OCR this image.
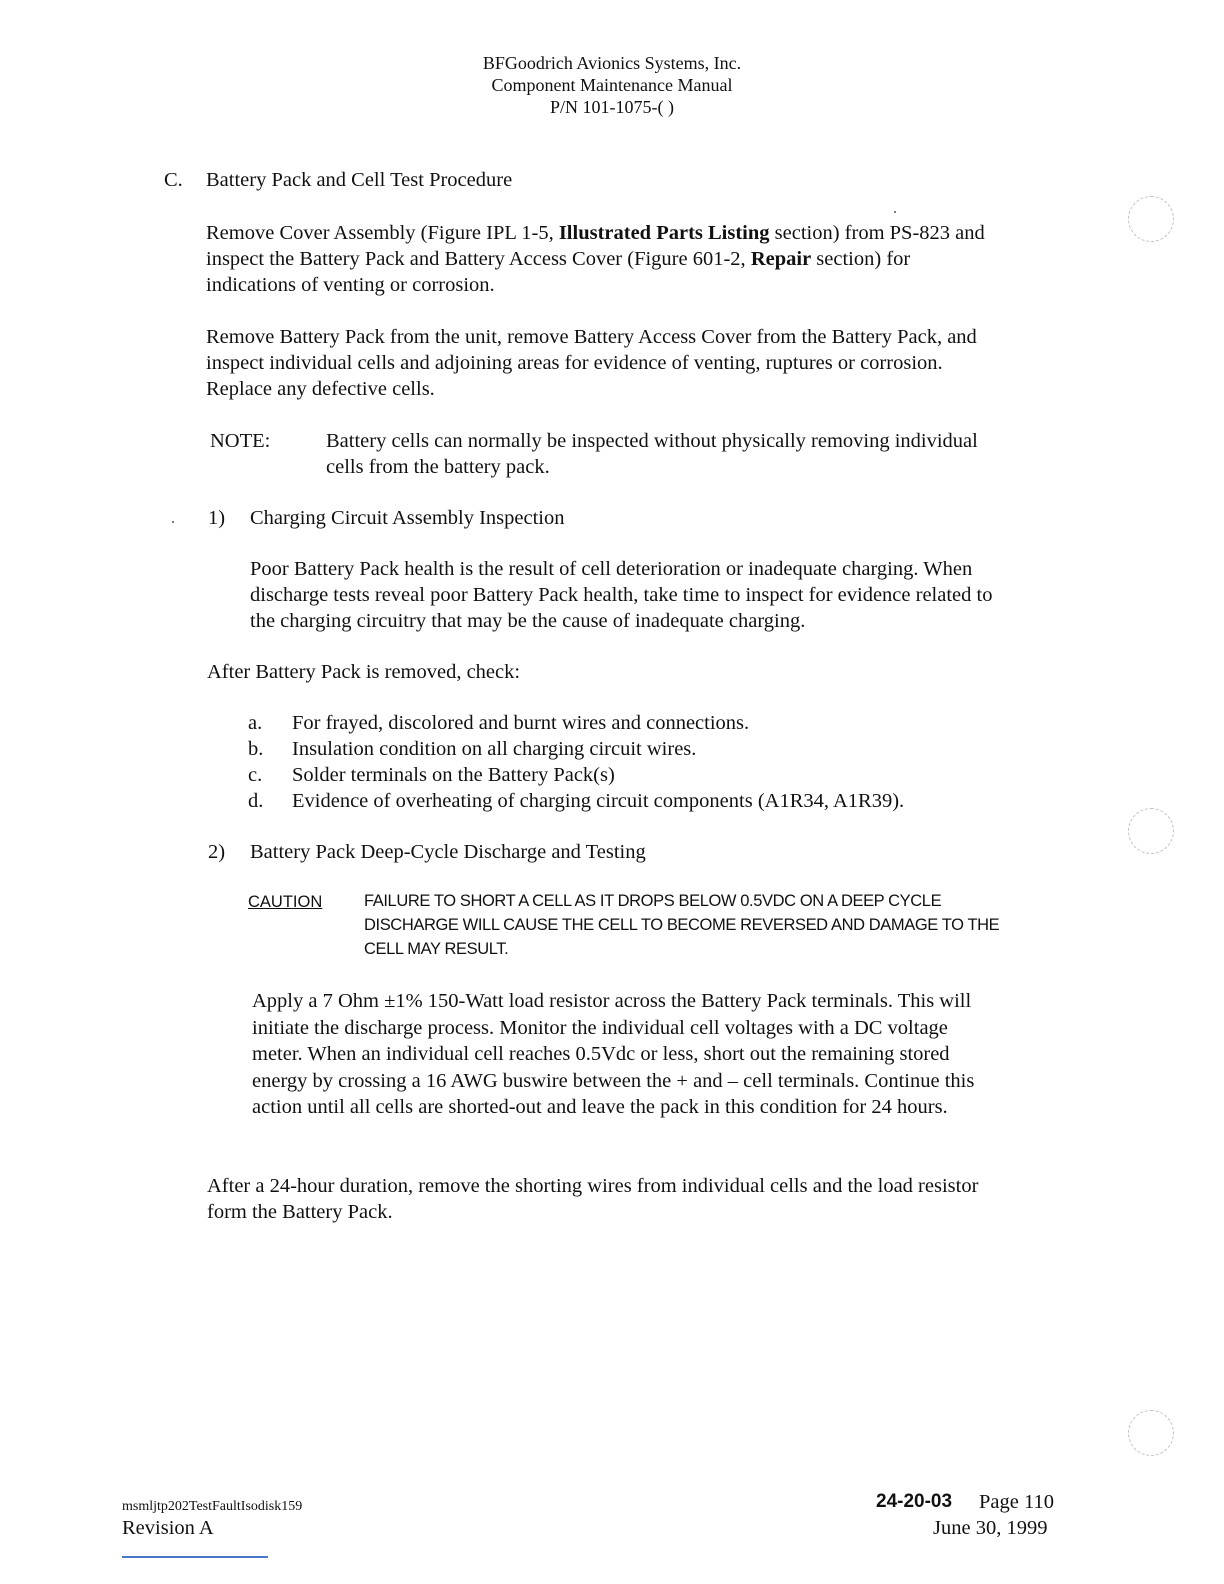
BFGoodrich Avionics Systems, Inc.
Component Maintenance Manual
P/N 101-1075-( )
C. Battery Pack and Cell Test Procedure
Remove Cover Assembly (Figure IPL 1-5, Illustrated Parts Listing section) from PS-823 and
inspect the Battery Pack and Battery Access Cover (Figure 601-2, Repair section) for
indications of venting or corrosion.
Remove Battery Pack from the unit, remove Battery Access Cover from the Battery Pack, and
inspect individual cells and adjoining areas for evidence of venting, ruptures or corrosion.
Replace any defective cells.
NOTE:	Battery cells can normally be inspected without physically removing individual
cells from the battery pack.
1) Charging Circuit Assembly Inspection
Poor Battery Pack health is the result of cell deterioration or inadequate charging. When
discharge tests reveal poor Battery Pack health, take time to inspect for evidence related to
the charging circuitry that may be the cause of inadequate charging.
After Battery Pack is removed, check:
a. For frayed, discolored and burnt wires and connections.
b. Insulation condition on all charging circuit wires.
c. Solder terminals on the Battery Pack(s)
d. Evidence of overheating of charging circuit components (A1R34, A1R39).
2) Battery Pack Deep-Cycle Discharge and Testing
CAUTION	FAILURE TO SHORT A CELL AS IT DROPS BELOW 0.5VDC ON A DEEP CYCLE
DISCHARGE WILL CAUSE THE CELL TO BECOME REVERSED AND DAMAGE TO THE
CELL MAY RESULT.
Apply a 7 Ohm ±1% 150-Watt load resistor across the Battery Pack terminals. This will
initiate the discharge process. Monitor the individual cell voltages with a DC voltage
meter. When an individual cell reaches 0.5Vdc or less, short out the remaining stored
energy by crossing a 16 AWG buswire between the + and – cell terminals. Continue this
action until all cells are shorted-out and leave the pack in this condition for 24 hours.
After a 24-hour duration, remove the shorting wires from individual cells and the load resistor
form the Battery Pack.
msmljtp202TestFaultIsodisk159
Revision A
24-20-03 Page 110
June 30, 1999
